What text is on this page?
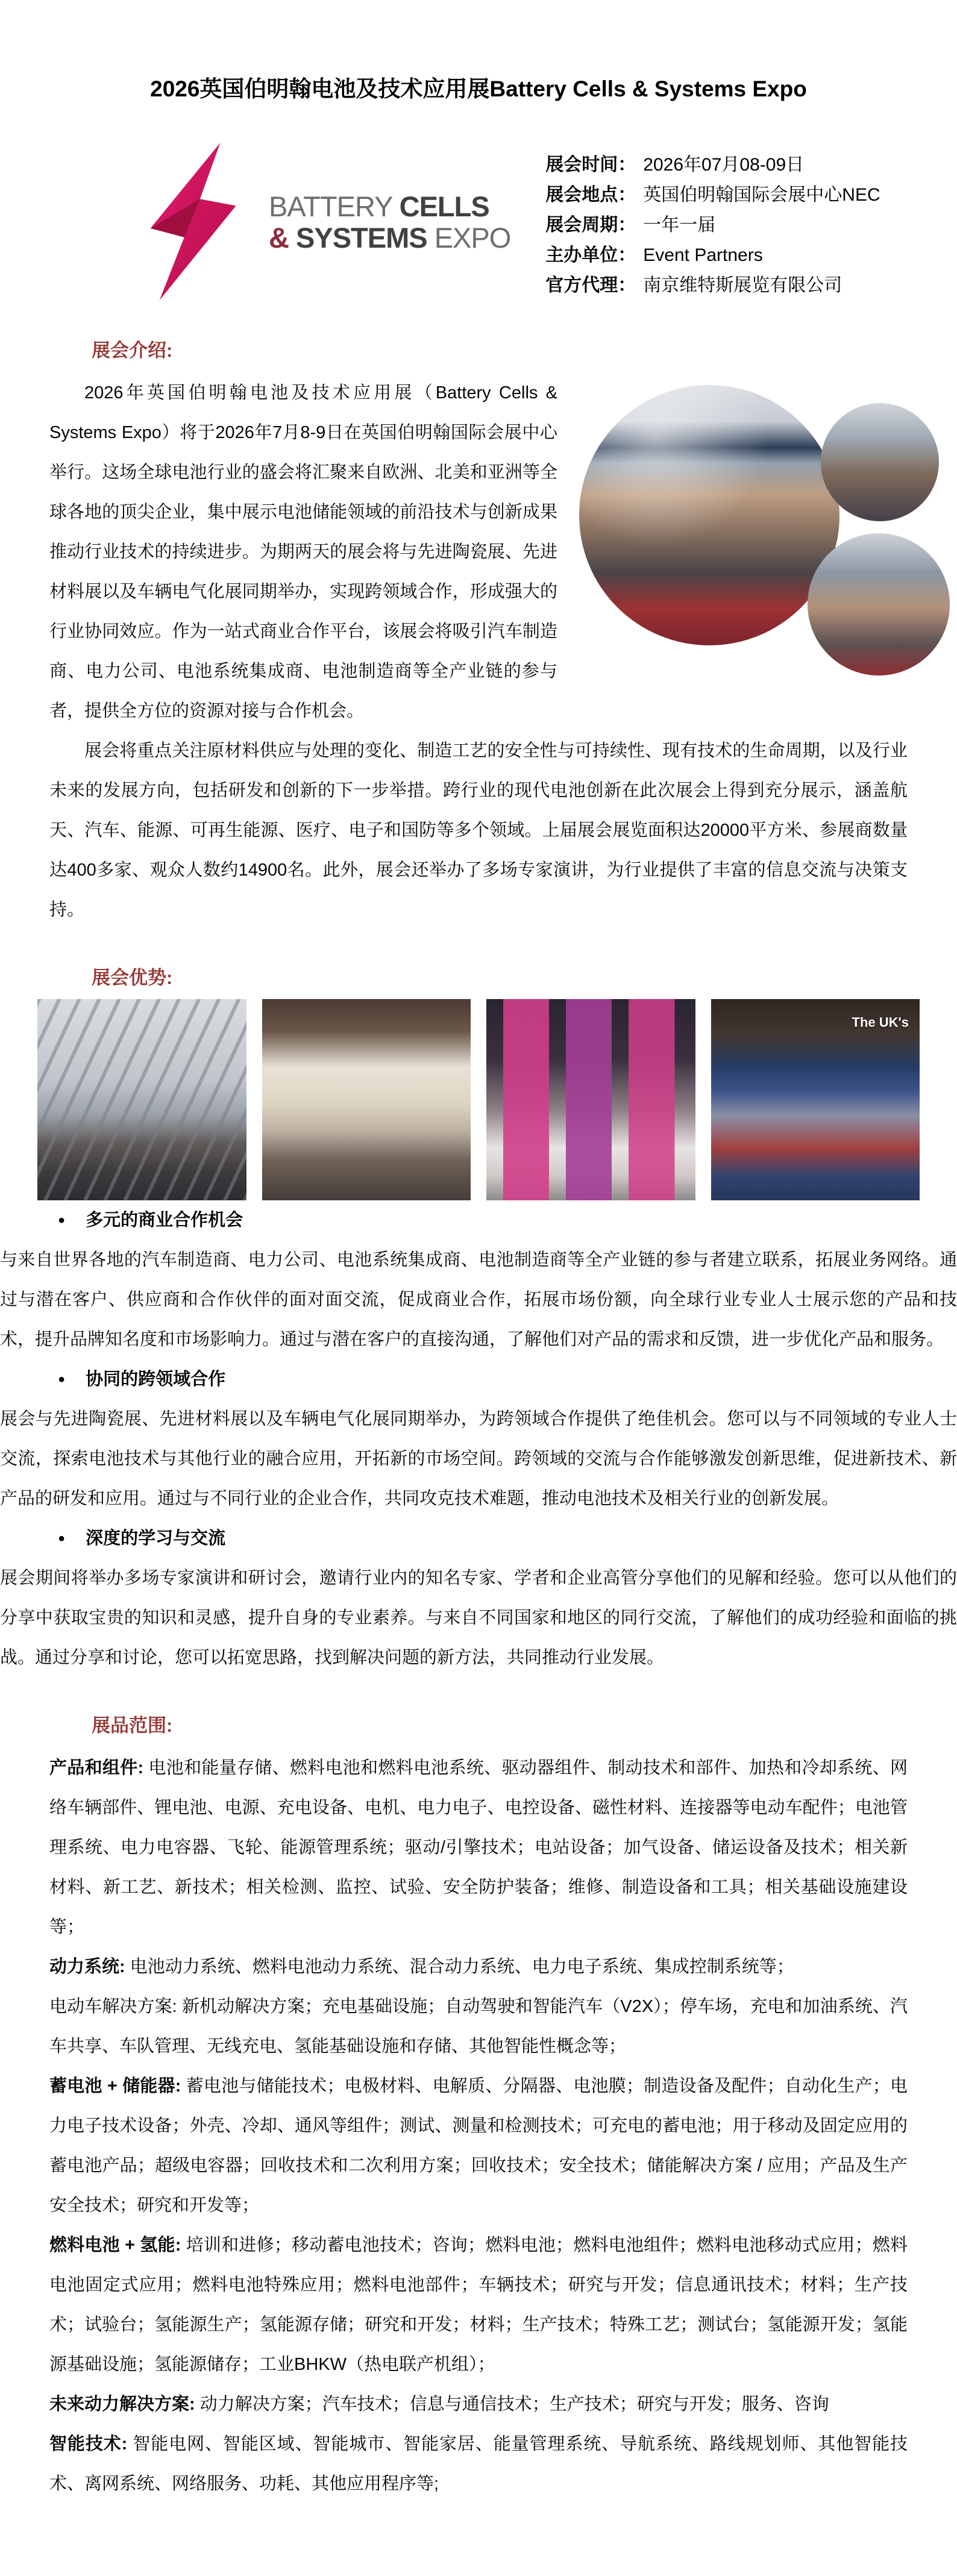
2026英国伯明翰电池及技术应用展Battery Cells & Systems Expo
BATTERY CELLS
& SYSTEMS EXPO
展会时间： 2026年07月08-09日
展会地点： 英国伯明翰国际会展中心NEC
展会周期： 一年一届
主办单位： Event Partners
官方代理： 南京维特斯展览有限公司
展会介绍:

2026年英国伯明翰电池及技术应用展（Battery Cells & Systems Expo）将于2026年7月8-9日在英国伯明翰国际会展中心举行。这场全球电池行业的盛会将汇聚来自欧洲、北美和亚洲等全球各地的顶尖企业，集中展示电池储能领域的前沿技术与创新成果推动行业技术的持续进步。为期两天的展会将与先进陶瓷展、先进材料展以及车辆电气化展同期举办，实现跨领域合作，形成强大的行业协同效应。作为一站式商业合作平台，该展会将吸引汽车制造商、电力公司、电池系统集成商、电池制造商等全产业链的参与者，提供全方位的资源对接与合作机会。

展会将重点关注原材料供应与处理的变化、制造工艺的安全性与可持续性、现有技术的生命周期，以及行业未来的发展方向，包括研发和创新的下一步举措。跨行业的现代电池创新在此次展会上得到充分展示，涵盖航天、汽车、能源、可再生能源、医疗、电子和国防等多个领域。上届展会展览面积达20000平方米、参展商数量达400多家、观众人数约14900名。此外，展会还举办了多场专家演讲，为行业提供了丰富的信息交流与决策支持。

展会优势:
The UK's
● 多元的商业合作机会

与来自世界各地的汽车制造商、电力公司、电池系统集成商、电池制造商等全产业链的参与者建立联系，拓展业务网络。通过与潜在客户、供应商和合作伙伴的面对面交流，促成商业合作，拓展市场份额，向全球行业专业人士展示您的产品和技术，提升品牌知名度和市场影响力。通过与潜在客户的直接沟通，了解他们对产品的需求和反馈，进一步优化产品和服务。

● 协同的跨领域合作

展会与先进陶瓷展、先进材料展以及车辆电气化展同期举办，为跨领域合作提供了绝佳机会。您可以与不同领域的专业人士交流，探索电池技术与其他行业的融合应用，开拓新的市场空间。跨领域的交流与合作能够激发创新思维，促进新技术、新产品的研发和应用。通过与不同行业的企业合作，共同攻克技术难题，推动电池技术及相关行业的创新发展。

● 深度的学习与交流

展会期间将举办多场专家演讲和研讨会，邀请行业内的知名专家、学者和企业高管分享他们的见解和经验。您可以从他们的分享中获取宝贵的知识和灵感，提升自身的专业素养。与来自不同国家和地区的同行交流，了解他们的成功经验和面临的挑战。通过分享和讨论，您可以拓宽思路，找到解决问题的新方法，共同推动行业发展。

展品范围:

产品和组件: 电池和能量存储、燃料电池和燃料电池系统、驱动器组件、制动技术和部件、加热和冷却系统、网络车辆部件、锂电池、电源、充电设备、电机、电力电子、电控设备、磁性材料、连接器等电动车配件；电池管理系统、电力电容器、飞轮、能源管理系统；驱动/引擎技术；电站设备；加气设备、储运设备及技术；相关新材料、新工艺、新技术；相关检测、监控、试验、安全防护装备；维修、制造设备和工具；相关基础设施建设等；

动力系统: 电池动力系统、燃料电池动力系统、混合动力系统、电力电子系统、集成控制系统等；

电动车解决方案: 新机动解决方案；充电基础设施；自动驾驶和智能汽车（V2X）；停车场，充电和加油系统、汽车共享、车队管理、无线充电、氢能基础设施和存储、其他智能性概念等；

蓄电池 + 储能器: 蓄电池与储能技术；电极材料、电解质、分隔器、电池膜；制造设备及配件；自动化生产；电力电子技术设备；外壳、冷却、通风等组件；测试、测量和检测技术；可充电的蓄电池；用于移动及固定应用的蓄电池产品；超级电容器；回收技术和二次利用方案；回收技术；安全技术；储能解决方案 / 应用；产品及生产安全技术；研究和开发等；

燃料电池 + 氢能: 培训和进修；移动蓄电池技术；咨询；燃料电池；燃料电池组件；燃料电池移动式应用；燃料电池固定式应用；燃料电池特殊应用；燃料电池部件；车辆技术；研究与开发；信息通讯技术；材料；生产技术；试验台；氢能源生产；氢能源存储；研究和开发；材料；生产技术；特殊工艺；测试台；氢能源开发；氢能源基础设施；氢能源储存；工业BHKW（热电联产机组）；

未来动力解决方案: 动力解决方案；汽车技术；信息与通信技术；生产技术；研究与开发；服务、咨询

智能技术: 智能电网、智能区域、智能城市、智能家居、能量管理系统、导航系统、路线规划师、其他智能技术、离网系统、网络服务、功耗、其他应用程序等;
